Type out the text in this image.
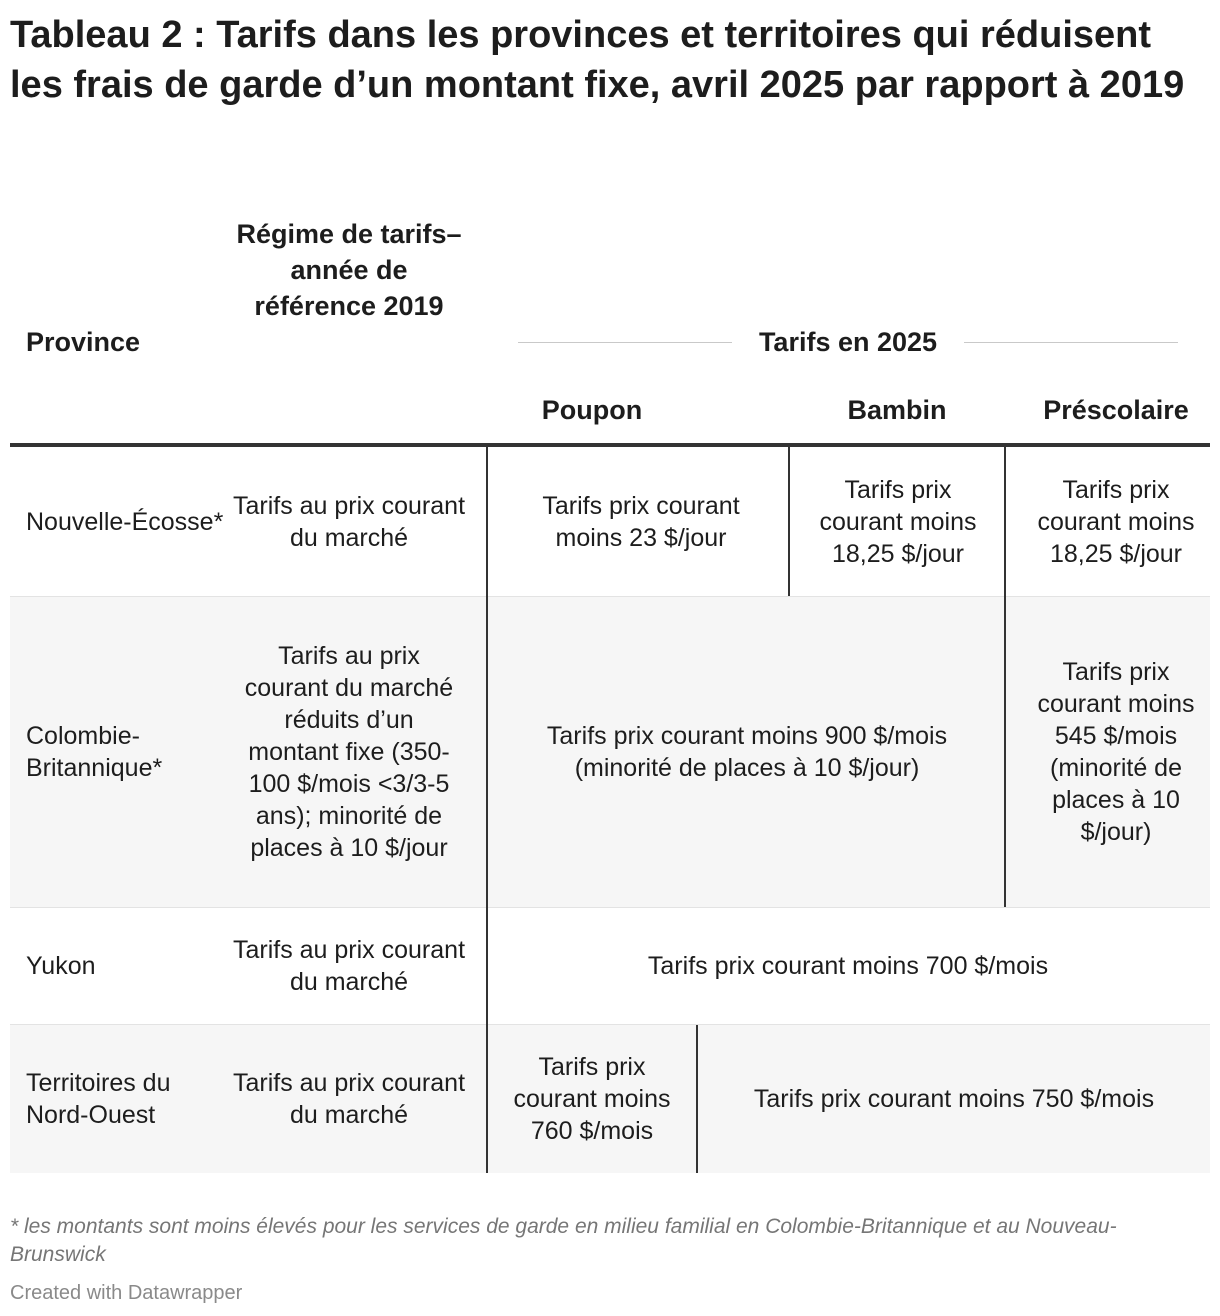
Tableau 2 : Tarifs dans les provinces et territoires qui réduisent les frais de garde d’un montant fixe, avril 2025 par rapport à 2019
Province
Régime de tarifs–année de référence 2019
Tarifs en 2025
Poupon	Bambin	Préscolaire
Nouvelle-Écosse*
Tarifs au prix courant du marché
Tarifs prix courant moins 23 $/jour
Tarifs prix courant moins 18,25 $/jour
Tarifs prix courant moins 18,25 $/jour
Colombie-Britannique*
Tarifs au prix courant du marché réduits d’un montant fixe (350-100 $/mois <3/3-5 ans); minorité de places à 10 $/jour
Tarifs prix courant moins 900 $/mois (minorité de places à 10 $/jour)
Tarifs prix courant moins 545 $/mois (minorité de places à 10 $/jour)
Yukon
Tarifs au prix courant du marché
Tarifs prix courant moins 700 $/mois
Territoires du Nord-Ouest
Tarifs au prix courant du marché
Tarifs prix courant moins 760 $/mois
Tarifs prix courant moins 750 $/mois
* les montants sont moins élevés pour les services de garde en milieu familial en Colombie-Britannique et au Nouveau-Brunswick
Created with Datawrapper
